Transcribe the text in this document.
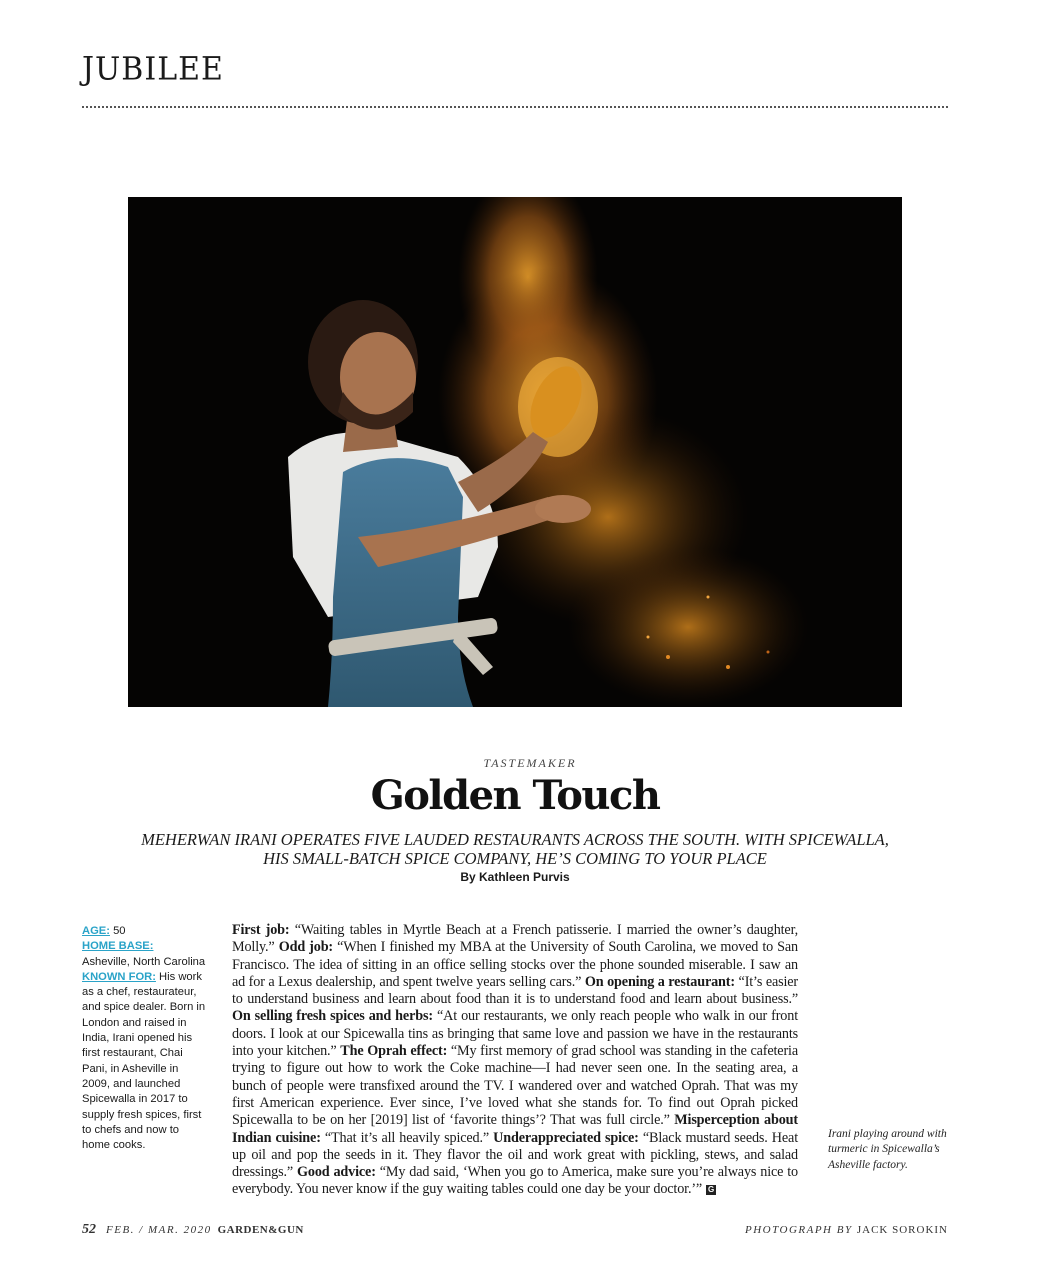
JUBILEE
TASTEMAKER
Golden Touch
MEHERWAN IRANI OPERATES FIVE LAUDED RESTAURANTS ACROSS THE SOUTH. WITH SPICEWALLA,
HIS SMALL-BATCH SPICE COMPANY, HE’S COMING TO YOUR PLACE
By Kathleen Purvis
AGE: 50
HOME BASE:
Asheville, North Carolina
KNOWN FOR: His work as a chef, restaurateur, and spice dealer. Born in London and raised in India, Irani opened his first restaurant, Chai Pani, in Asheville in 2009, and launched Spicewalla in 2017 to supply fresh spices, first to chefs and now to home cooks.
First job: “Waiting tables in Myrtle Beach at a French patisserie. I married the owner’s daughter, Molly.” Odd job: “When I finished my MBA at the University of South Carolina, we moved to San Francisco. The idea of sitting in an office selling stocks over the phone sounded miserable. I saw an ad for a Lexus dealership, and spent twelve years selling cars.” On opening a restaurant: “It’s easier to understand business and learn about food than it is to understand food and learn about business.” On selling fresh spices and herbs: “At our restaurants, we only reach people who walk in our front doors. I look at our Spicewalla tins as bringing that same love and passion we have in the restaurants into your kitchen.” The Oprah effect: “My first memory of grad school was standing in the cafeteria trying to figure out how to work the Coke machine—I had never seen one. In the seating area, a bunch of people were transfixed around the TV. I wandered over and watched Oprah. That was my first American experience. Ever since, I’ve loved what she stands for. To find out Oprah picked Spicewalla to be on her [2019] list of ‘favorite things’? That was full circle.” Misperception about Indian cuisine: “That it’s all heavily spiced.” Underappreciated spice: “Black mustard seeds. Heat up oil and pop the seeds in it. They flavor the oil and work great with pickling, stews, and salad dressings.” Good advice: “My dad said, ‘When you go to America, make sure you’re always nice to everybody. You never know if the guy waiting tables could one day be your doctor.’” G
Irani playing around with turmeric in Spicewalla’s Asheville factory.
52 FEB. / MAR. 2020 GARDEN&GUN	PHOTOGRAPH BY JACK SOROKIN
